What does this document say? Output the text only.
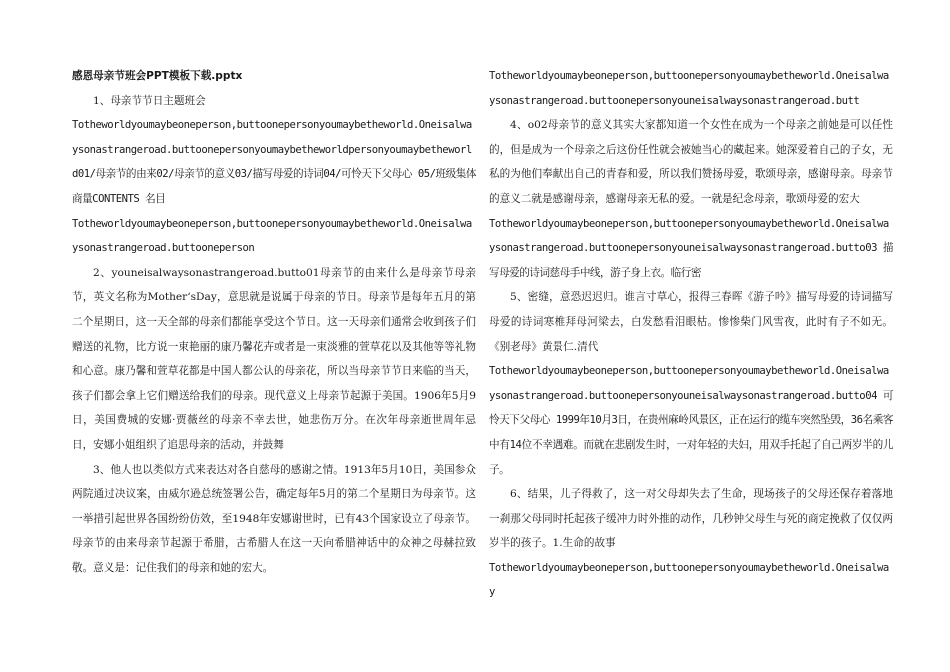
感恩母亲节班会PPT模板下载.pptx

1、母亲节节日主题班会

Totheworldyoumaybeoneperson,buttoonepersonyoumaybetheworld.Oneisalwaysonastrangeroad.buttoonepersonyoumaybetheworldpersonyoumaybetheworld01/母亲节的由来02/母亲节的意义03/描写母爱的诗词04/可怜天下父母心 05/班级集体商量CONTENTS 名目

Totheworldyoumaybeoneperson,buttoonepersonyoumaybetheworld.Oneisalwaysonastrangeroad.buttooneperson

2、youneisalwaysonastrangeroad.butto01母亲节的由来什么是母亲节母亲节，英文名称为Mother‘sDay，意思就是说属于母亲的节日。母亲节是每年五月的第二个星期日，这一天全部的母亲们都能享受这个节日。这一天母亲们通常会收到孩子们赠送的礼物，比方说一束艳丽的康乃馨花卉或者是一束淡雅的萱草花以及其他等等礼物和心意。康乃馨和萱草花都是中国人都公认的母亲花，所以当母亲节节日来临的当天，孩子们都会拿上它们赠送给我们的母亲。现代意义上母亲节起源于美国。1906年5月9日，美国费城的安娜·贾薇丝的母亲不幸去世，她悲伤万分。在次年母亲逝世周年忌日，安娜小姐组织了追思母亲的活动，并鼓舞

3、他人也以类似方式来表达对各自慈母的感谢之情。1913年5月10日，美国参众两院通过决议案，由威尔逊总统签署公告，确定每年5月的第二个星期日为母亲节。这一举措引起世界各国纷纷仿效，至1948年安娜谢世时，已有43个国家设立了母亲节。母亲节的由来母亲节起源于希腊，古希腊人在这一天向希腊神话中的众神之母赫拉致敬。意义是：记住我们的母亲和她的宏大。

Totheworldyoumaybeoneperson,buttoonepersonyoumaybetheworld.Oneisalwaysonastrangeroad.buttoonepersonyouneisalwaysonastrangeroad.butt

4、o02母亲节的意义其实大家都知道一个女性在成为一个母亲之前她是可以任性的，但是成为一个母亲之后这份任性就会被她当心的藏起来。她深爱着自己的子女，无私的为他们奉献出自己的青春和爱，所以我们赞扬母爱，歌颂母亲，感谢母亲。母亲节的意义二就是感谢母亲，感谢母亲无私的爱。一就是纪念母亲，歌颂母爱的宏大

Totheworldyoumaybeoneperson,buttoonepersonyoumaybetheworld.Oneisalwaysonastrangeroad.buttoonepersonyouneisalwaysonastrangeroad.butto03描写母爱的诗词慈母手中线，游子身上衣。临行密

5、密缝，意恐迟迟归。谁言寸草心，报得三春晖《游子吟》描写母爱的诗词描写母爱的诗词寒椎拜母河梁去，白发愁看泪眼枯。惨惨柴门风雪夜，此时有子不如无。《别老母》黄景仁.清代

Totheworldyoumaybeoneperson,buttoonepersonyoumaybetheworld.Oneisalwaysonastrangeroad.buttoonepersonyouneisalwaysonastrangeroad.butto04可怜天下父母心 1999年10月3日，在贵州麻岭风景区，正在运行的缆车突然坠毁，36名乘客中有14位不幸遇难。而就在悲剧发生时，一对年轻的夫妇，用双手托起了自己两岁半的儿子。

6、结果，儿子得救了，这一对父母却失去了生命，现场孩子的父母还保存着落地一刹那父母同时托起孩子缓冲力时外推的动作，几秒钟父母生与死的商定挽救了仅仅两岁半的孩子。1.生命的故事

Totheworldyoumaybeoneperson,buttoonepersonyoumaybetheworld.Oneisalway
